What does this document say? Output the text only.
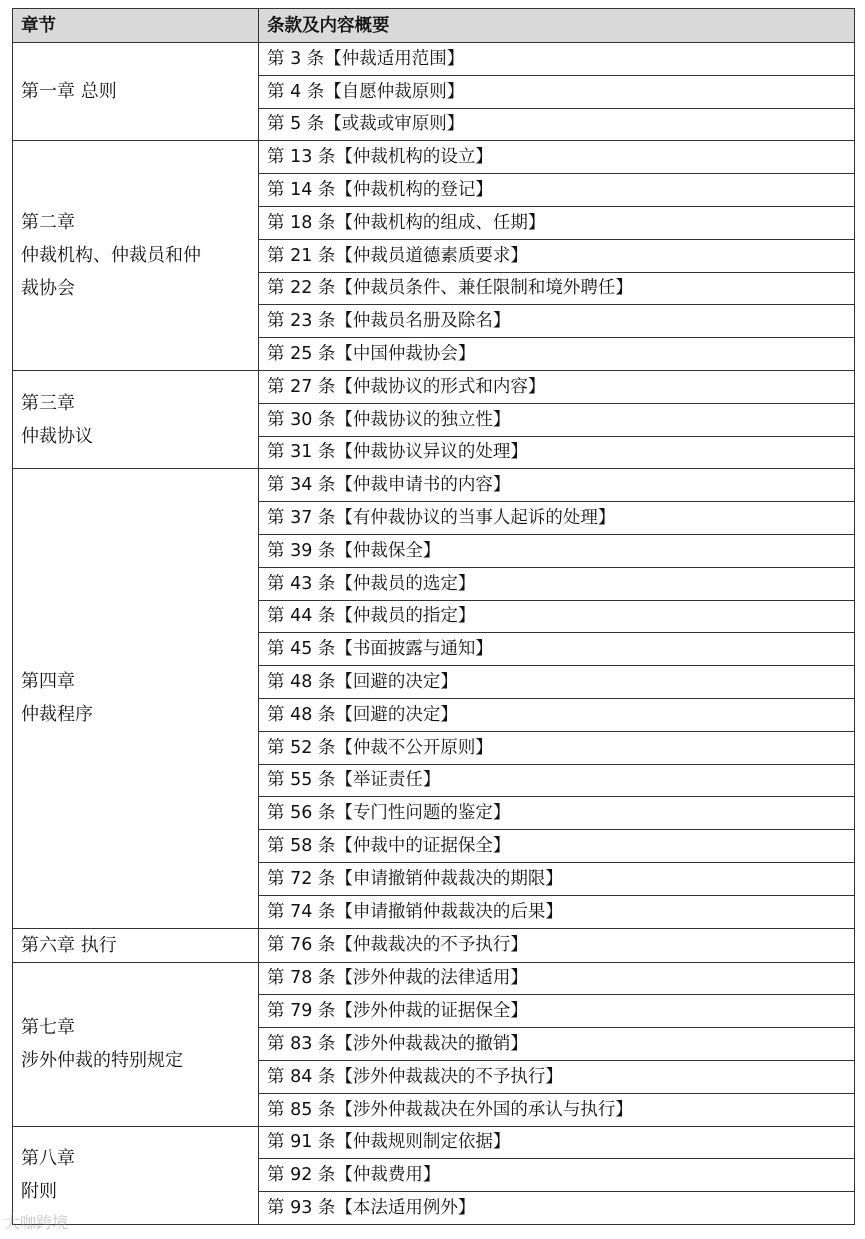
章节	条款及内容概要

第一章 总则	第 3 条【仲裁适用范围】
	第 4 条【自愿仲裁原则】
	第 5 条【或裁或审原则】

第二章
仲裁机构、仲裁员和仲
裁协会	第 13 条【仲裁机构的设立】
	第 14 条【仲裁机构的登记】
	第 18 条【仲裁机构的组成、任期】
	第 21 条【仲裁员道德素质要求】
	第 22 条【仲裁员条件、兼任限制和境外聘任】
	第 23 条【仲裁员名册及除名】
	第 25 条【中国仲裁协会】

第三章
仲裁协议	第 27 条【仲裁协议的形式和内容】
	第 30 条【仲裁协议的独立性】
	第 31 条【仲裁协议异议的处理】

第四章
仲裁程序	第 34 条【仲裁申请书的内容】
	第 37 条【有仲裁协议的当事人起诉的处理】
	第 39 条【仲裁保全】
	第 43 条【仲裁员的选定】
	第 44 条【仲裁员的指定】
	第 45 条【书面披露与通知】
	第 48 条【回避的决定】
	第 48 条【回避的决定】
	第 52 条【仲裁不公开原则】
	第 55 条【举证责任】
	第 56 条【专门性问题的鉴定】
	第 58 条【仲裁中的证据保全】
	第 72 条【申请撤销仲裁裁决的期限】
	第 74 条【申请撤销仲裁裁决的后果】

第六章 执行	第 76 条【仲裁裁决的不予执行】

第七章
涉外仲裁的特别规定	第 78 条【涉外仲裁的法律适用】
	第 79 条【涉外仲裁的证据保全】
	第 83 条【涉外仲裁裁决的撤销】
	第 84 条【涉外仲裁裁决的不予执行】
	第 85 条【涉外仲裁裁决在外国的承认与执行】

第八章
附则	第 91 条【仲裁规则制定依据】
	第 92 条【仲裁费用】
	第 93 条【本法适用例外】
大咖跨境
